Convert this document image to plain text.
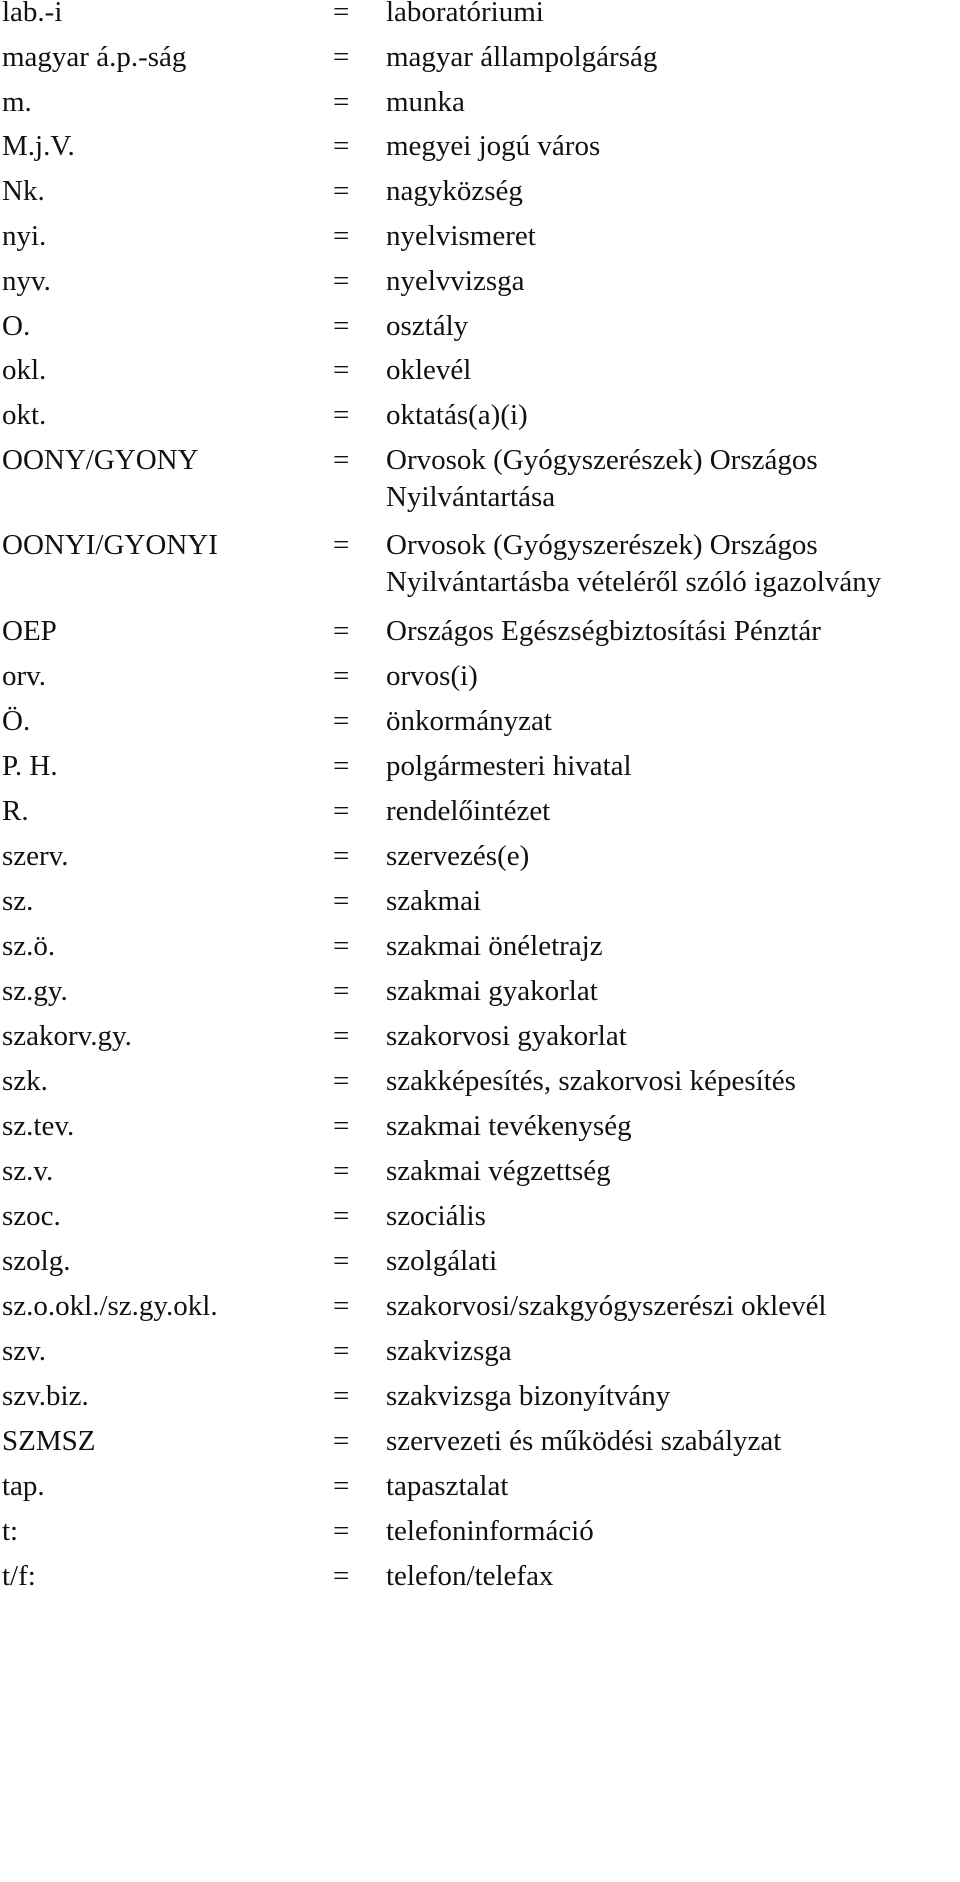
lab.-i	= laboratóriumi
magyar á.p.-ság	= magyar állampolgárság
m.	= munka
M.j.V.	= megyei jogú város
Nk.	= nagyközség
nyi.	= nyelvismeret
nyv.	= nyelvvizsga
O.	= osztály
okl.	= oklevél
okt.	= oktatás(a)(i)
OONY/GYONY	= Orvosok (Gyógyszerészek) Országos Nyilvántartása
OONYI/GYONYI	= Orvosok (Gyógyszerészek) Országos Nyilvántartásba vételéről szóló igazolvány
OEP	= Országos Egészségbiztosítási Pénztár
orv.	= orvos(i)
Ö.	= önkormányzat
P. H.	= polgármesteri hivatal
R.	= rendelőintézet
szerv.	= szervezés(e)
sz.	= szakmai
sz.ö.	= szakmai önéletrajz
sz.gy.	= szakmai gyakorlat
szakorv.gy.	= szakorvosi gyakorlat
szk.	= szakképesítés, szakorvosi képesítés
sz.tev.	= szakmai tevékenység
sz.v.	= szakmai végzettség
szoc.	= szociális
szolg.	= szolgálati
sz.o.okl./sz.gy.okl.	= szakorvosi/szakgyógyszerészi oklevél
szv.	= szakvizsga
szv.biz.	= szakvizsga bizonyítvány
SZMSZ	= szervezeti és működési szabályzat
tap.	= tapasztalat
t:	= telefoninformáció
t/f:	= telefon/telefax
